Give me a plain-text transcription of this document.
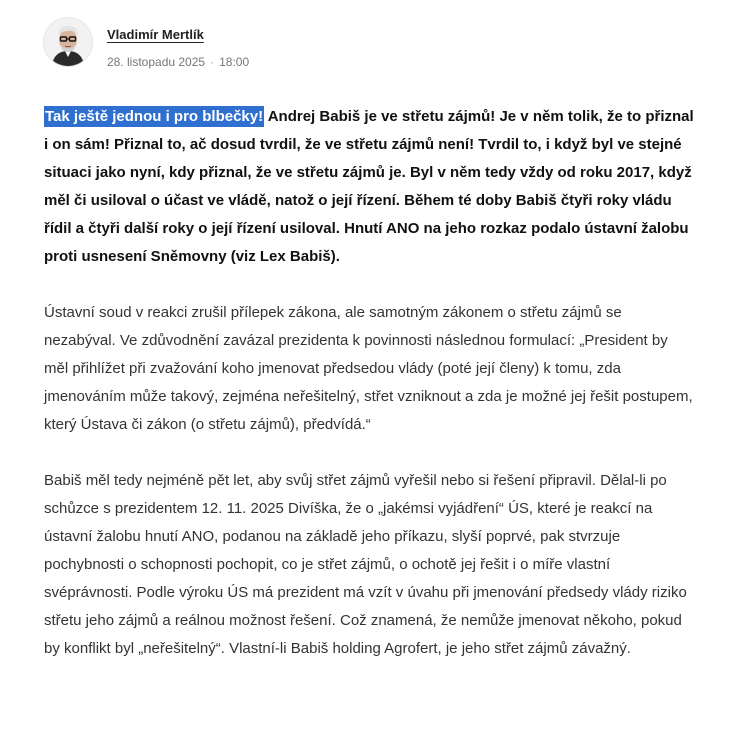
Vladimír Mertlík
28. listopadu 2025 · 18:00

Tak ještě jednou i pro blbečky! Andrej Babiš je ve střetu zájmů! Je v něm tolik, že to přiznal i on sám! Přiznal to, ač dosud tvrdil, že ve střetu zájmů není! Tvrdil to, i když byl ve stejné situaci jako nyní, kdy přiznal, že ve střetu zájmů je. Byl v něm tedy vždy od roku 2017, když měl či usiloval o účast ve vládě, natož o její řízení. Během té doby Babiš čtyři roky vládu řídil a čtyři další roky o její řízení usiloval. Hnutí ANO na jeho rozkaz podalo ústavní žalobu proti usnesení Sněmovny (viz Lex Babiš).

Ústavní soud v reakci zrušil přílepek zákona, ale samotným zákonem o střetu zájmů se nezabýval. Ve zdůvodnění zavázal prezidenta k povinnosti následnou formulací: „President by měl přihlížet při zvažování koho jmenovat předsedou vlády (poté její členy) k tomu, zda jmenováním může takový, zejména neřešitelný, střet vzniknout a zda je možné jej řešit postupem, který Ústava či zákon (o střetu zájmů), předvídá.“

Babiš měl tedy nejméně pět let, aby svůj střet zájmů vyřešil nebo si řešení připravil. Dělal-li po schůzce s prezidentem 12. 11. 2025 Divíška, že o „jakémsi vyjádření“ ÚS, které je reakcí na ústavní žalobu hnutí ANO, podanou na základě jeho příkazu, slyší poprvé, pak stvrzuje pochybnosti o schopnosti pochopit, co je střet zájmů, o ochotě jej řešit i o míře vlastní svéprávnosti. Podle výroku ÚS má prezident má vzít v úvahu při jmenování předsedy vlády riziko střetu jeho zájmů a reálnou možnost řešení. Což znamená, že nemůže jmenovat někoho, pokud by konflikt byl „neřešitelný“. Vlastní-li Babiš holding Agrofert, je jeho střet zájmů závažný.
